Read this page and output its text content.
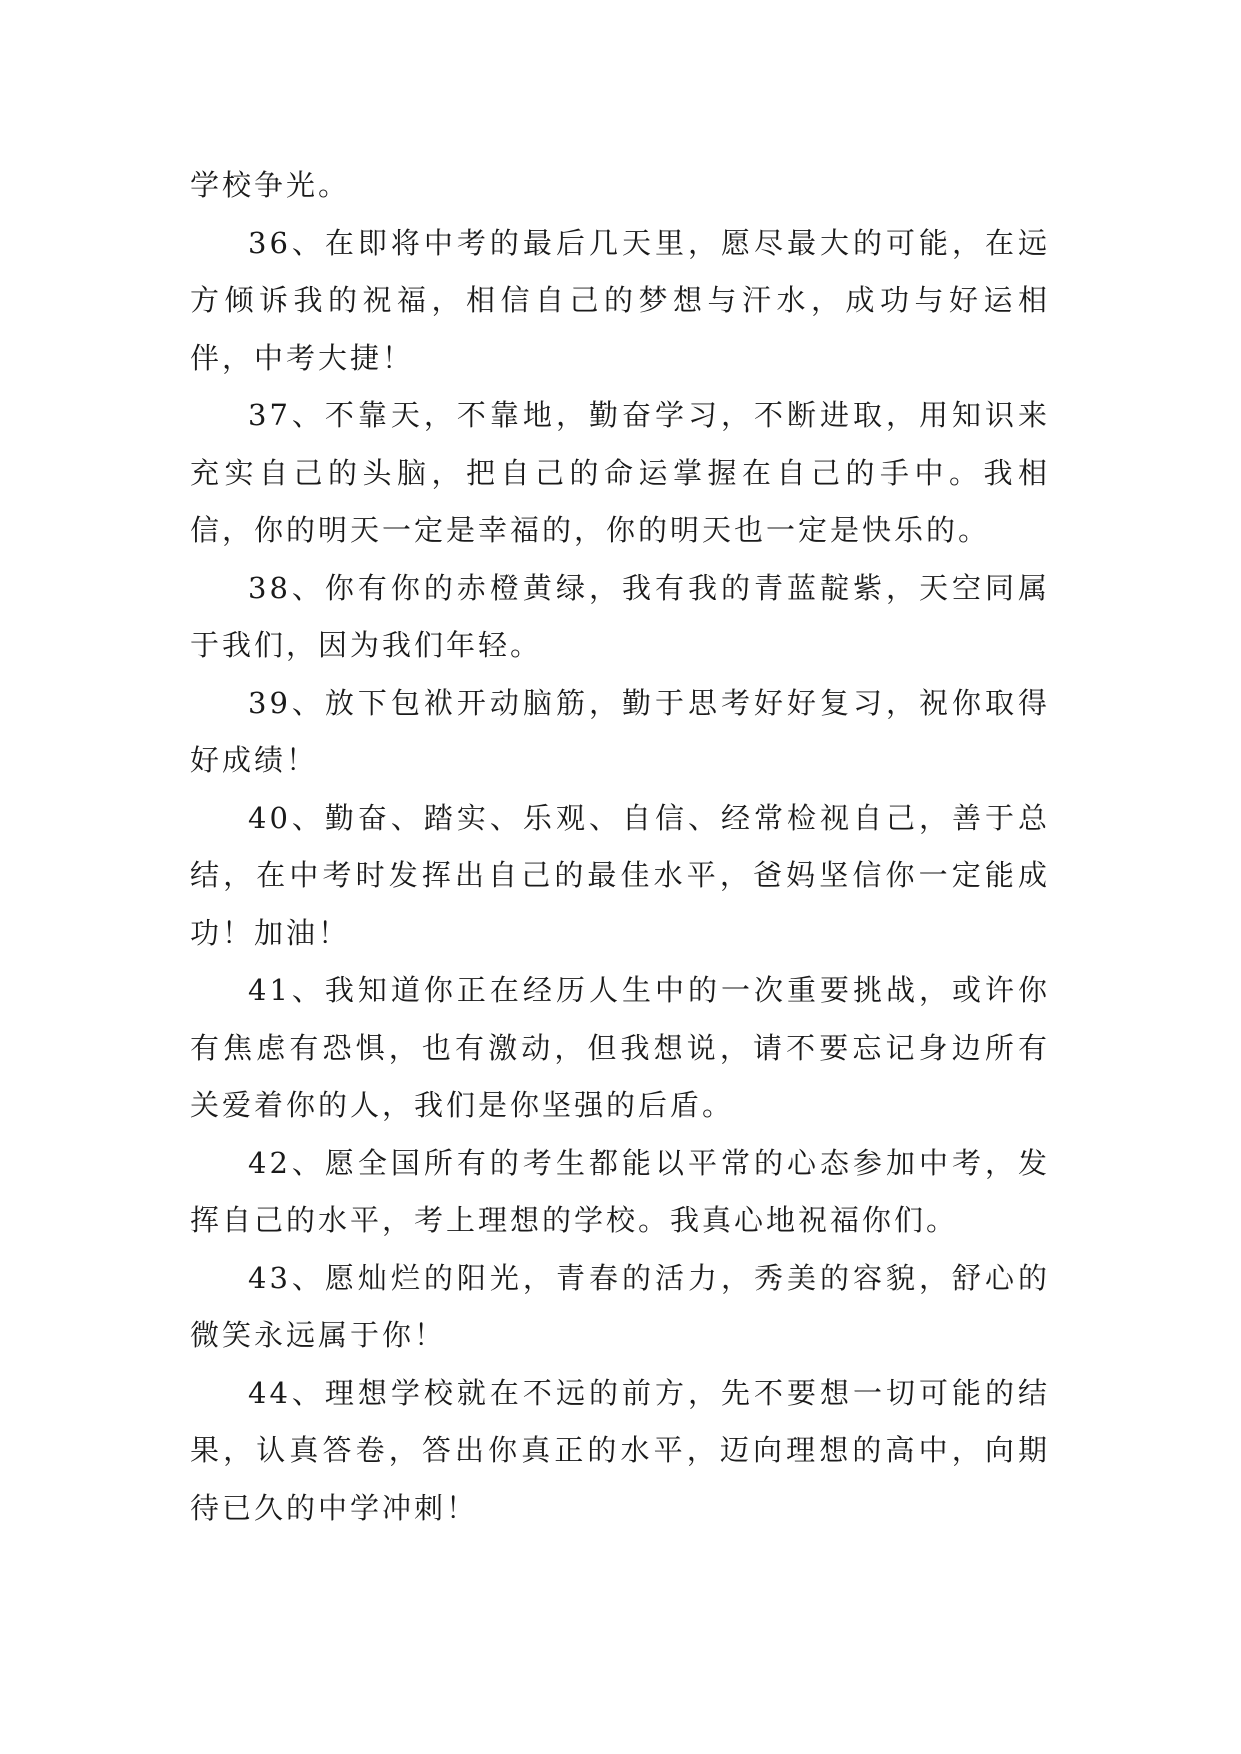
学校争光。

36、在即将中考的最后几天里，愿尽最大的可能，在远方倾诉我的祝福，相信自己的梦想与汗水，成功与好运相伴，中考大捷！

37、不靠天，不靠地，勤奋学习，不断进取，用知识来充实自己的头脑，把自己的命运掌握在自己的手中。我相信，你的明天一定是幸福的，你的明天也一定是快乐的。

38、你有你的赤橙黄绿，我有我的青蓝靛紫，天空同属于我们，因为我们年轻。

39、放下包袱开动脑筋，勤于思考好好复习，祝你取得好成绩！

40、勤奋、踏实、乐观、自信、经常检视自己，善于总结，在中考时发挥出自己的最佳水平，爸妈坚信你一定能成功！加油！

41、我知道你正在经历人生中的一次重要挑战，或许你有焦虑有恐惧，也有激动，但我想说，请不要忘记身边所有关爱着你的人，我们是你坚强的后盾。

42、愿全国所有的考生都能以平常的心态参加中考，发挥自己的水平，考上理想的学校。我真心地祝福你们。

43、愿灿烂的阳光，青春的活力，秀美的容貌，舒心的微笑永远属于你！

44、理想学校就在不远的前方，先不要想一切可能的结果，认真答卷，答出你真正的水平，迈向理想的高中，向期待已久的中学冲刺！
